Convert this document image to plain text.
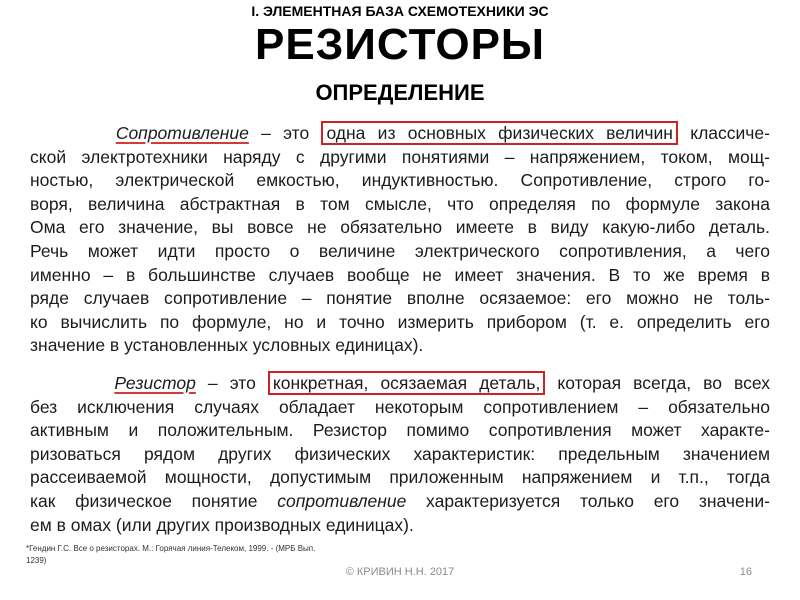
I. ЭЛЕМЕНТНАЯ БАЗА СХЕМОТЕХНИКИ ЭС
РЕЗИСТОРЫ
ОПРЕДЕЛЕНИЕ
Сопротивление – это одна из основных физических величин классиче-
ской электротехники наряду с другими понятиями – напряжением, током, мощ-
ностью, электрической емкостью, индуктивностью. Сопротивление, строго го-
воря, величина абстрактная в том смысле, что определяя по формуле закона
Ома его значение, вы вовсе не обязательно имеете в виду какую-либо деталь.
Речь может идти просто о величине электрического сопротивления, а чего
именно – в большинстве случаев вообще не имеет значения. В то же время в
ряде случаев сопротивление – понятие вполне осязаемое: его можно не толь-
ко вычислить по формуле, но и точно измерить прибором (т. е. определить его
значение в установленных условных единицах).
Резистор – это конкретная, осязаемая деталь, которая всегда, во всех
без исключения случаях обладает некоторым сопротивлением – обязательно
активным и положительным. Резистор помимо сопротивления может характе-
ризоваться рядом других физических характеристик: предельным значением
рассеиваемой мощности, допустимым приложенным напряжением и т.п., тогда
как физическое понятие сопротивление характеризуется только его значени-
ем в омах (или других производных единицах).
*Гендин Г.С. Все о резисторах. М.: Горячая линия-Телеком, 1999. - (МРБ Вып.
1239)
© КРИВИН Н.Н. 2017	16
